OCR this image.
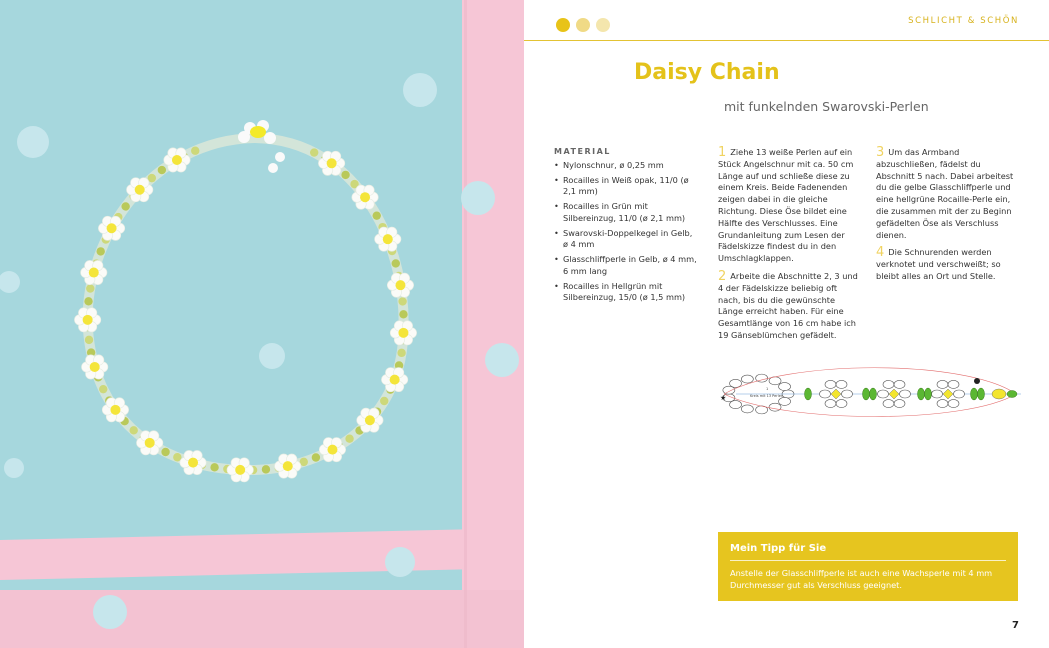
SCHLICHT & SCHÖN
Daisy Chain
mit funkelnden Swarovski-Perlen
MATERIAL
• Nylonschnur, ø 0,25 mm
• Rocailles in Weiß opak, 11/0 (ø 2,1 mm)
• Rocailles in Grün mit Silbereinzug, 11/0 (ø 2,1 mm)
• Swarovski-Doppelkegel in Gelb, ø 4 mm
• Glasschliffperle in Gelb, ø 4 mm, 6 mm lang
• Rocailles in Hellgrün mit Silbereinzug, 15/0 (ø 1,5 mm)

1 Ziehe 13 weiße Perlen auf ein Stück Angelschnur mit ca. 50 cm Länge auf und schließe diese zu einem Kreis. Beide Fadenenden zeigen dabei in die gleiche Richtung. Diese Öse bildet eine Hälfte des Verschlusses. Eine Grundanleitung zum Lesen der Fädelskizze findest du in den Umschlagklappen.

2 Arbeite die Abschnitte 2, 3 und 4 der Fädelskizze beliebig oft nach, bis du die gewünschte Länge erreicht haben. Für eine Gesamtlänge von 16 cm habe ich 19 Gänseblümchen gefädelt.

3 Um das Armband abzuschließen, fädelst du Abschnitt 5 nach. Dabei arbeitest du die gelbe Glasschliffperle und eine hellgrüne Rocaille-Perle ein, die zusammen mit der zu Beginn gefädelten Öse als Verschluss dienen.

4 Die Schnurenden werden verknotet und verschweißt; so bleibt alles an Ort und Stelle.

★
1
Kreis mit 13 Perlen
Mein Tipp für Sie
Anstelle der Glasschliffperle ist auch eine Wachsperle mit 4 mm Durchmesser gut als Verschluss geeignet.
7
